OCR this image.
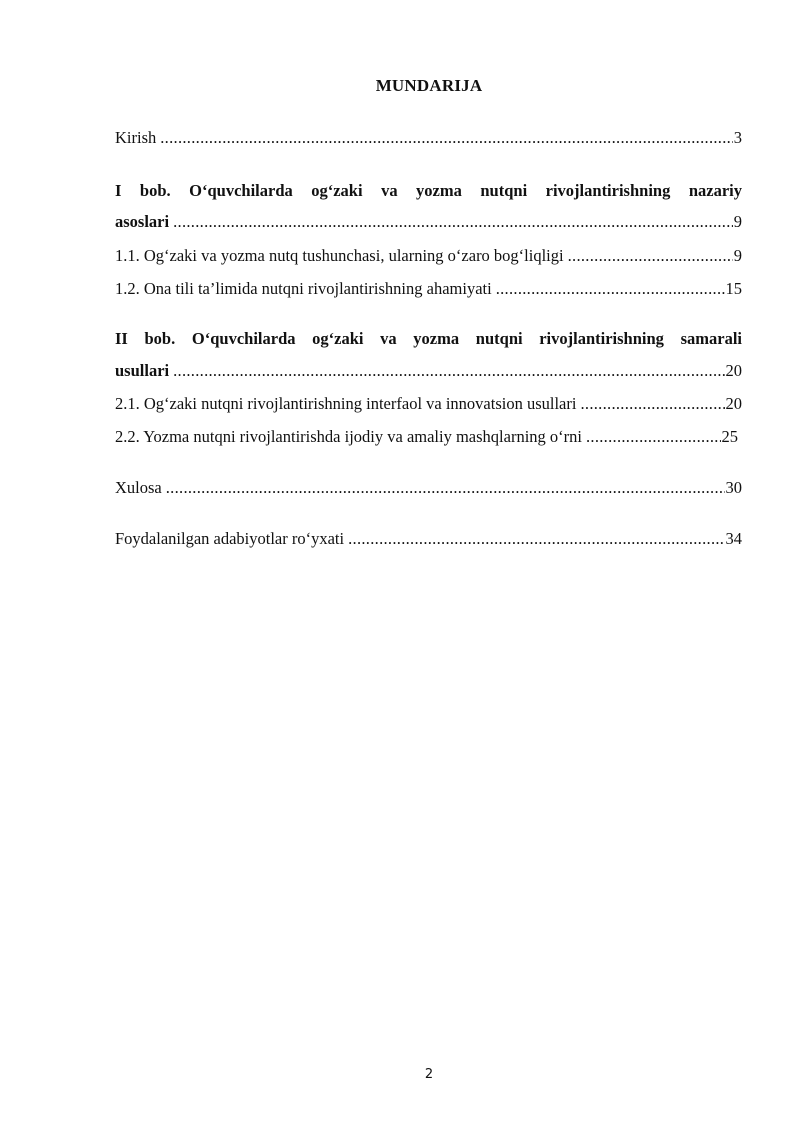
MUNDARIJA
Kirish .....	3
I bob. O‘quvchilarda og‘zaki va yozma nutqni rivojlantirishning nazariy
asoslari .....	9
1.1. Og‘zaki va yozma nutq tushunchasi, ularning o‘zaro bog‘liqligi .....	9
1.2. Ona tili ta’limida nutqni rivojlantirishning ahamiyati .....	15
II bob. O‘quvchilarda og‘zaki va yozma nutqni rivojlantirishning samarali
usullari .....	20
2.1. Og‘zaki nutqni rivojlantirishning interfaol va innovatsion usullari .....	20
2.2. Yozma nutqni rivojlantirishda ijodiy va amaliy mashqlarning o‘rni .....	25
Xulosa .....	30
Foydalanilgan adabiyotlar ro‘yxati .....	34
2
